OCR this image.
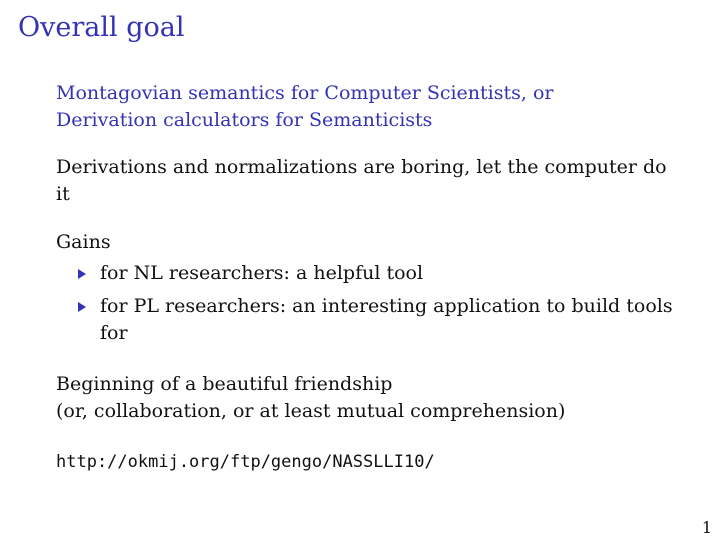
Overall goal

Montagovian semantics for Computer Scientists, or
Derivation calculators for Semanticists

Derivations and normalizations are boring, let the computer do it

Gains

for NL researchers: a helpful tool
for PL researchers: an interesting application to build tools for

Beginning of a beautiful friendship
(or, collaboration, or at least mutual comprehension)

http://okmij.org/ftp/gengo/NASSLLI10/
1
